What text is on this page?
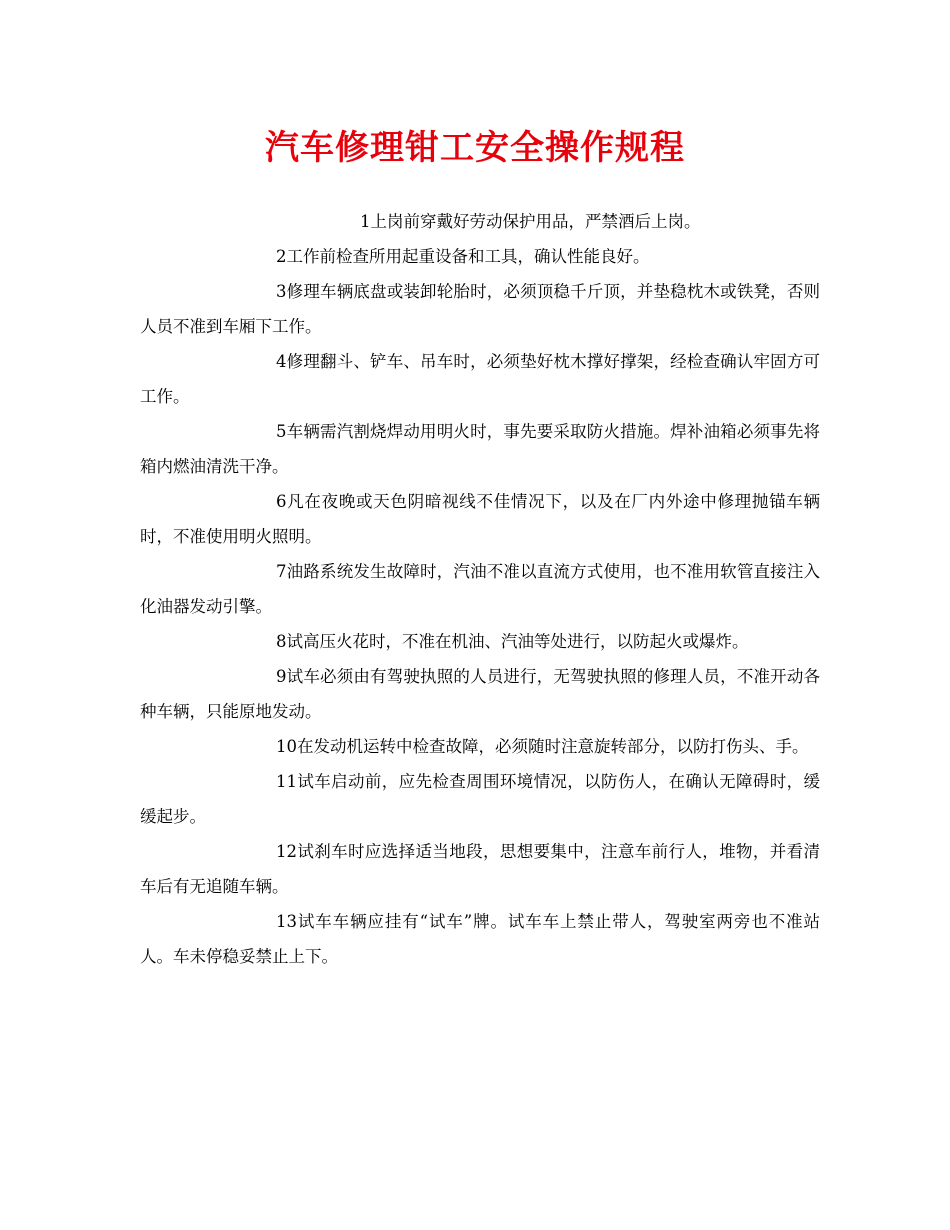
汽车修理钳工安全操作规程

1上岗前穿戴好劳动保护用品，严禁酒后上岗。

2工作前检查所用起重设备和工具，确认性能良好。

3修理车辆底盘或装卸轮胎时，必须顶稳千斤顶，并垫稳枕木或铁凳，否则人员不准到车厢下工作。

4修理翻斗、铲车、吊车时，必须垫好枕木撑好撑架，经检查确认牢固方可工作。

5车辆需汽割烧焊动用明火时，事先要采取防火措施。焊补油箱必须事先将箱内燃油清洗干净。

6凡在夜晚或天色阴暗视线不佳情况下，以及在厂内外途中修理抛锚车辆时，不准使用明火照明。

7油路系统发生故障时，汽油不准以直流方式使用，也不准用软管直接注入化油器发动引擎。

8试高压火花时，不准在机油、汽油等处进行，以防起火或爆炸。

9试车必须由有驾驶执照的人员进行，无驾驶执照的修理人员，不准开动各种车辆，只能原地发动。

10在发动机运转中检查故障，必须随时注意旋转部分，以防打伤头、手。

11试车启动前，应先检查周围环境情况，以防伤人，在确认无障碍时，缓缓起步。

12试刹车时应选择适当地段，思想要集中，注意车前行人，堆物，并看清车后有无追随车辆。

13试车车辆应挂有“试车”牌。试车车上禁止带人，驾驶室两旁也不准站人。车未停稳妥禁止上下。
